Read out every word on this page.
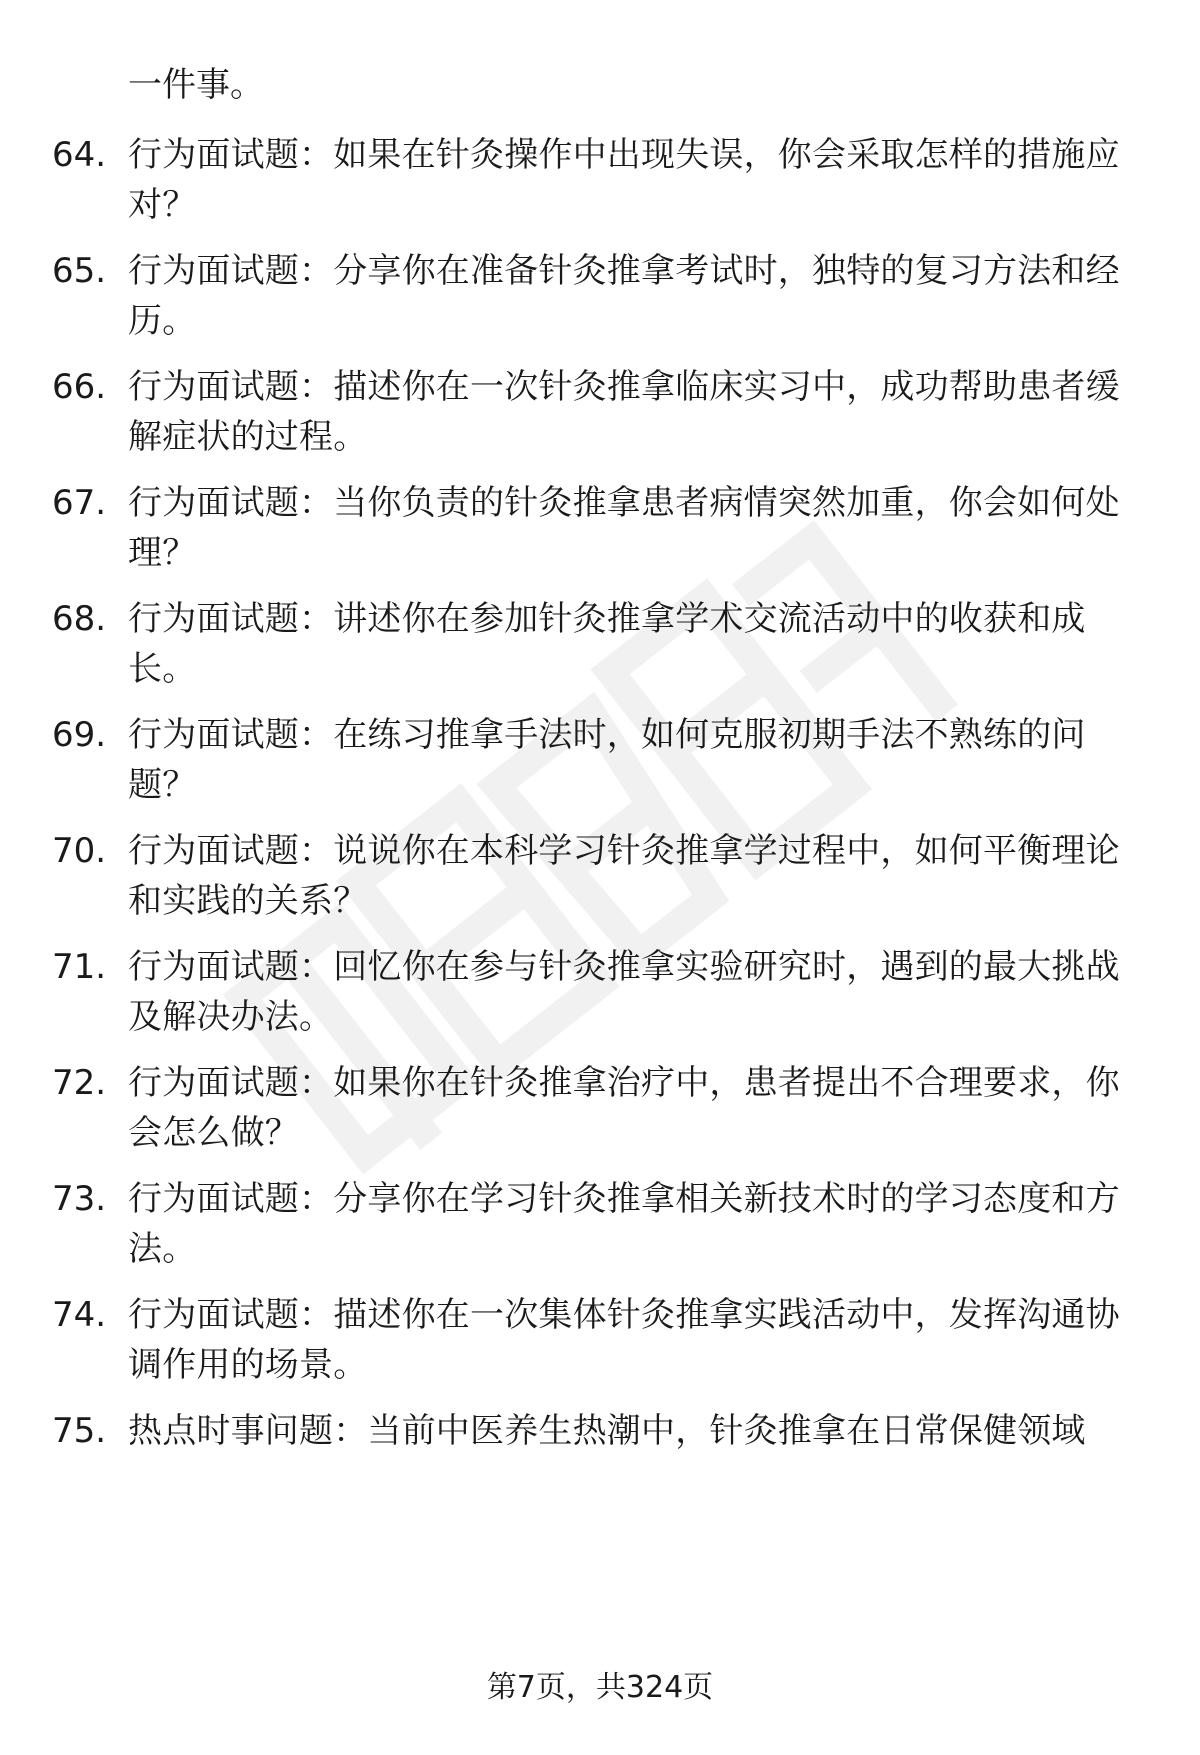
一件事。
64. 行为面试题：如果在针灸操作中出现失误，你会采取怎样的措施应对？
65. 行为面试题：分享你在准备针灸推拿考试时，独特的复习方法和经历。
66. 行为面试题：描述你在一次针灸推拿临床实习中，成功帮助患者缓解症状的过程。
67. 行为面试题：当你负责的针灸推拿患者病情突然加重，你会如何处理？
68. 行为面试题：讲述你在参加针灸推拿学术交流活动中的收获和成长。
69. 行为面试题：在练习推拿手法时，如何克服初期手法不熟练的问题？
70. 行为面试题：说说你在本科学习针灸推拿学过程中，如何平衡理论和实践的关系？
71. 行为面试题：回忆你在参与针灸推拿实验研究时，遇到的最大挑战及解决办法。
72. 行为面试题：如果你在针灸推拿治疗中，患者提出不合理要求，你会怎么做？
73. 行为面试题：分享你在学习针灸推拿相关新技术时的学习态度和方法。
74. 行为面试题：描述你在一次集体针灸推拿实践活动中，发挥沟通协调作用的场景。
75. 热点时事问题：当前中医养生热潮中，针灸推拿在日常保健领域
第7页，共324页
